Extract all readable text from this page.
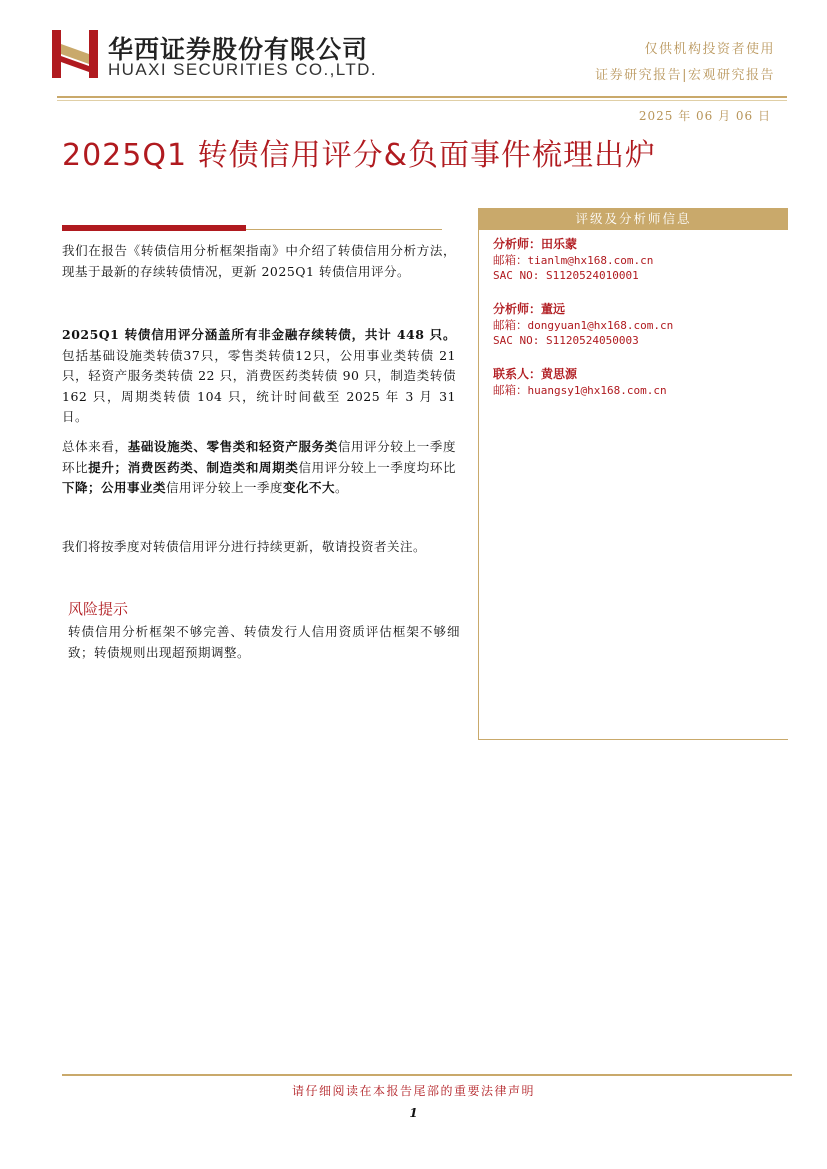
华西证券股份有限公司
HUAXI SECURITIES CO.,LTD.
仅供机构投资者使用
证券研究报告|宏观研究报告
2025 年 06 月 06 日
2025Q1 转债信用评分&负面事件梳理出炉
我们在报告《转债信用分析框架指南》中介绍了转债信用分析方法，现基于最新的存续转债情况，更新 2025Q1 转债信用评分。
2025Q1 转债信用评分涵盖所有非金融存续转债，共计 448 只。包括基础设施类转债37只，零售类转债12只，公用事业类转债 21 只，轻资产服务类转债 22 只，消费医药类转债 90 只，制造类转债 162 只，周期类转债 104 只，统计时间截至 2025 年 3 月 31 日。
总体来看，基础设施类、零售类和轻资产服务类信用评分较上一季度环比提升；消费医药类、制造类和周期类信用评分较上一季度均环比下降；公用事业类信用评分较上一季度变化不大。
我们将按季度对转债信用评分进行持续更新，敬请投资者关注。
风险提示
转债信用分析框架不够完善、转债发行人信用资质评估框架不够细致；转债规则出现超预期调整。
评级及分析师信息
分析师：田乐蒙
邮箱：tianlm@hx168.com.cn
SAC NO: S1120524010001
分析师：董远
邮箱：dongyuan1@hx168.com.cn
SAC NO: S1120524050003
联系人：黄思源
邮箱：huangsy1@hx168.com.cn
请仔细阅读在本报告尾部的重要法律声明
1
